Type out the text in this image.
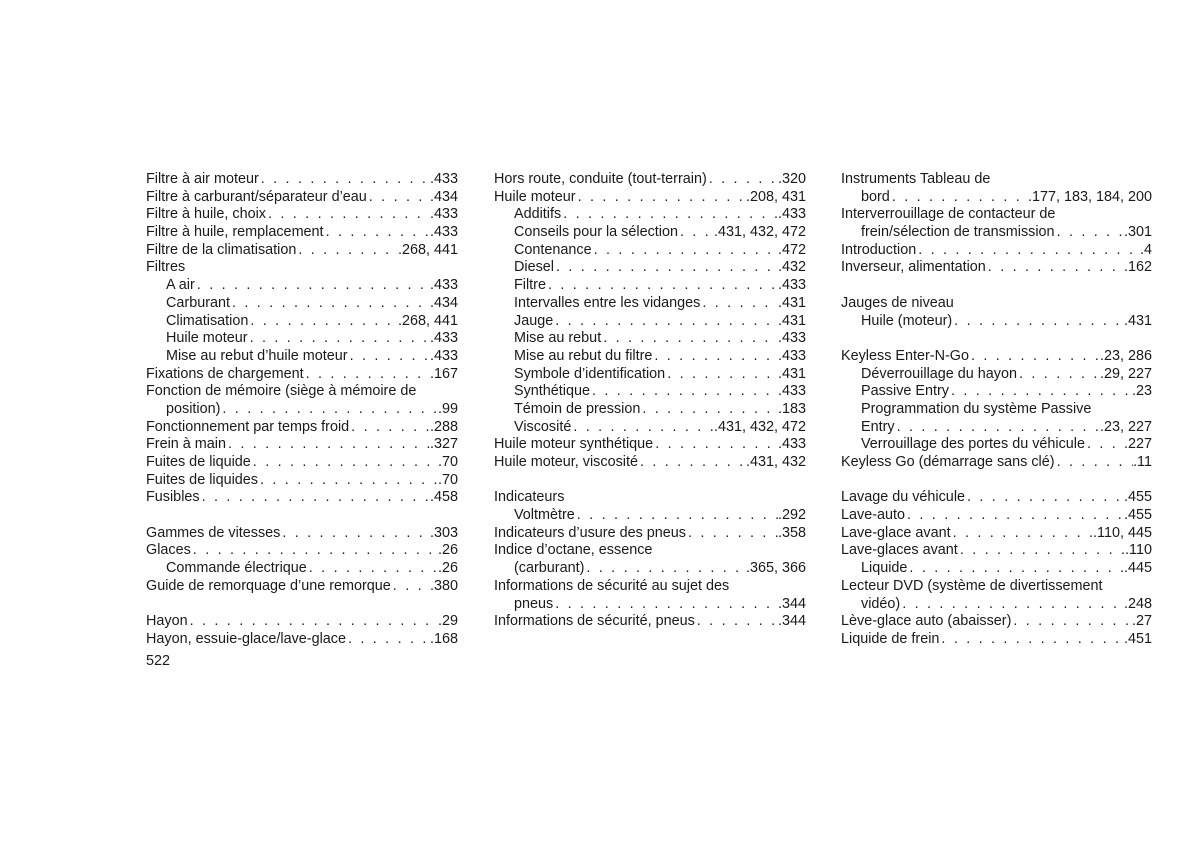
Filtre à air moteur . . .	.433
Filtre à carburant/séparateur d’eau . . .	.434
Filtre à huile, choix . . .	.433
Filtre à huile, remplacement . . .	.433
Filtre de la climatisation . . .	.268, 441
Filtres
A air . . .	.433
Carburant . . .	.434
Climatisation . . .	.268, 441
Huile moteur . . .	.433
Mise au rebut d’huile moteur . . .	.433
Fixations de chargement . . .	.167
Fonction de mémoire (siège à mémoire de
position) . . .	.99
Fonctionnement par temps froid . . .	.288
Frein à main . . .	.327
Fuites de liquide . . .	.70
Fuites de liquides . . .	.70
Fusibles . . .	.458
Gammes de vitesses . . .	.303
Glaces . . .	.26
Commande électrique . . .	.26
Guide de remorquage d’une remorque . . .	.380
Hayon . . .	.29
Hayon, essuie-glace/lave-glace . . .	.168
Hors route, conduite (tout-terrain) . . .	.320
Huile moteur . . .	.208, 431
Additifs . . .	.433
Conseils pour la sélection . . . .431, 432, 472
Contenance . . .	.472
Diesel . . .	.432
Filtre . . .	.433
Intervalles entre les vidanges . . .	.431
Jauge . . .	.431
Mise au rebut . . .	.433
Mise au rebut du filtre . . .	.433
Symbole d’identification . . .	.431
Synthétique . . .	.433
Témoin de pression . . .	.183
Viscosité . . .	.431, 432, 472
Huile moteur synthétique . . .	.433
Huile moteur, viscosité . . .	.431, 432
Indicateurs
Voltmètre . . .	.292
Indicateurs d’usure des pneus . . .	.358
Indice d’octane, essence
(carburant) . . .	.365, 366
Informations de sécurité au sujet des
pneus . . .	.344
Informations de sécurité, pneus . . .	.344
Instruments Tableau de
bord . . .	.177, 183, 184, 200
Interverrouillage de contacteur de
frein/sélection de transmission . . .	.301
Introduction . . .	.4
Inverseur, alimentation . . .	.162
Jauges de niveau
Huile (moteur) . . .	.431
Keyless Enter-N-Go . . .	.23, 286
Déverrouillage du hayon . . .	.29, 227
Passive Entry . . .	.23
Programmation du système Passive
Entry . . .	.23, 227
Verrouillage des portes du véhicule . . .	.227
Keyless Go (démarrage sans clé) . . .	.11
Lavage du véhicule . . .	.455
Lave-auto . . .	.455
Lave-glace avant . . .	.110, 445
Lave-glaces avant . . .	.110
Liquide . . .	.445
Lecteur DVD (système de divertissement
vidéo) . . .	.248
Lève-glace auto (abaisser) . . .	.27
Liquide de frein . . .	.451
522
